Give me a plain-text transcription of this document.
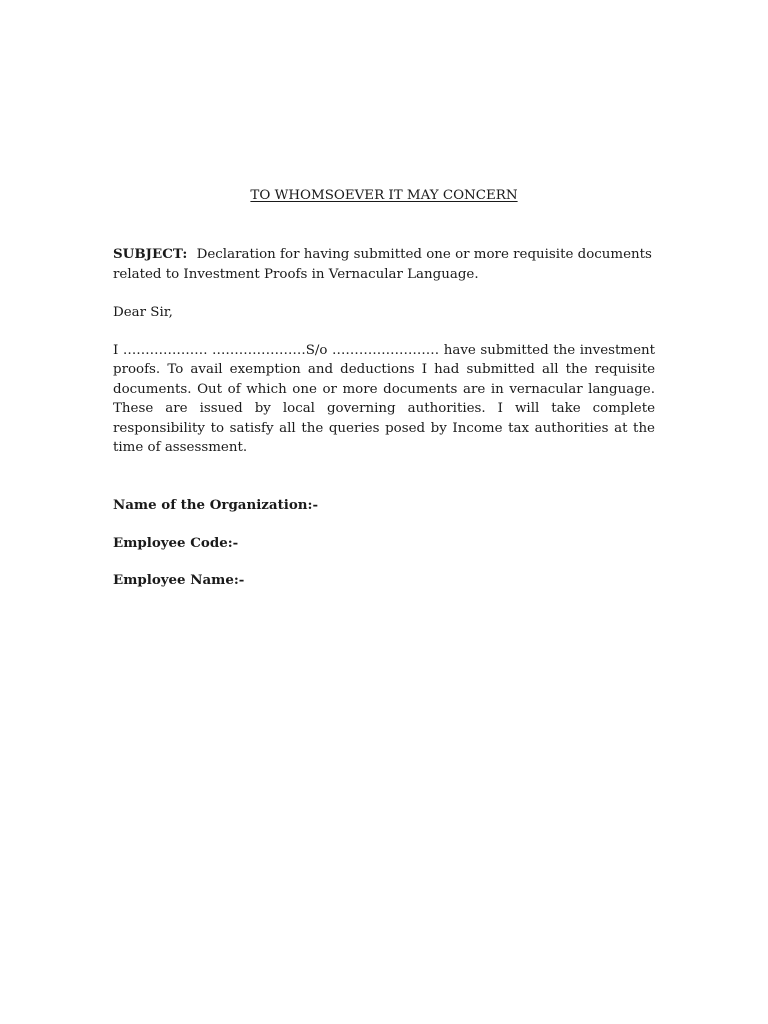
TO WHOMSOEVER IT MAY CONCERN
SUBJECT:  Declaration for having submitted one or more requisite documents related to Investment Proofs in Vernacular Language.
Dear Sir,
I ………………. …………………S/o …………………… have submitted the investment proofs. To avail exemption and deductions I had submitted all the requisite documents. Out of which one or more documents are in vernacular language. These are issued by local governing authorities. I will take complete responsibility to satisfy all the queries posed by Income tax authorities at the time of assessment.
Name of the Organization:-
Employee Code:-
Employee Name:-
